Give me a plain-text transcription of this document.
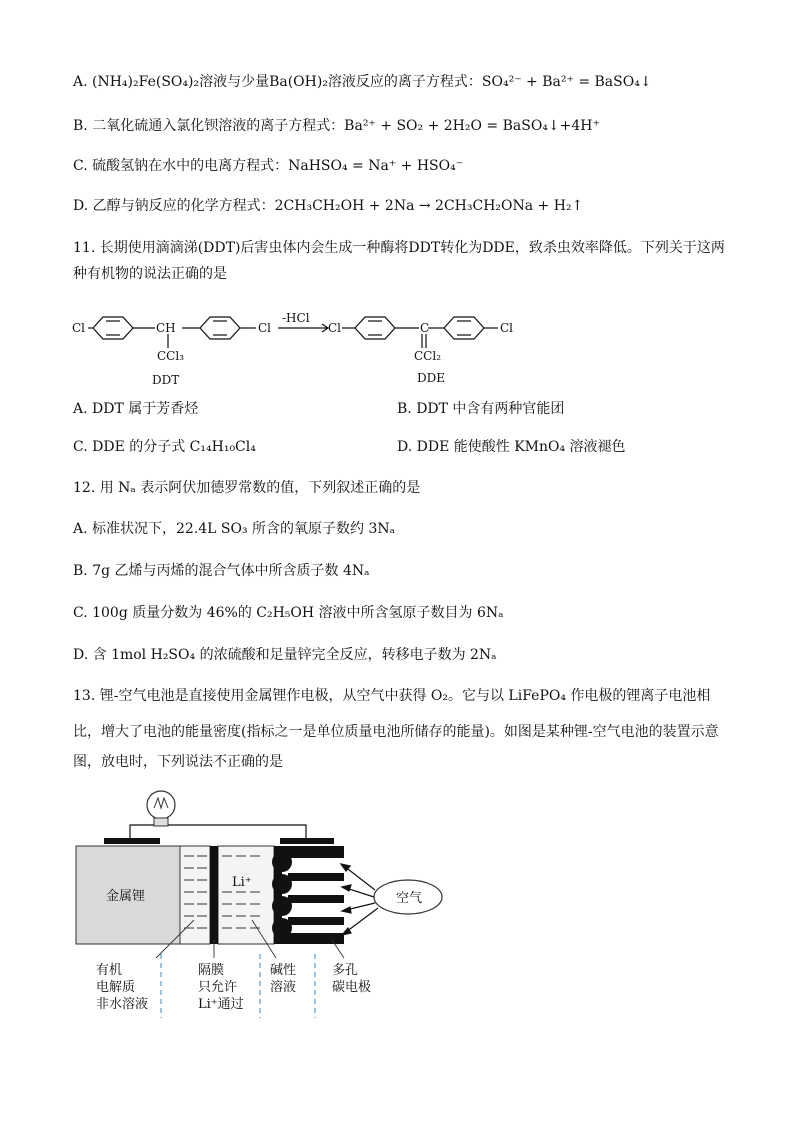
A. (NH₄)₂Fe(SO₄)₂溶液与少量Ba(OH)₂溶液反应的离子方程式：SO₄²⁻ + Ba²⁺ = BaSO₄↓
B. 二氧化硫通入氯化钡溶液的离子方程式：Ba²⁺ + SO₂ + 2H₂O = BaSO₄↓+4H⁺
C. 硫酸氢钠在水中的电离方程式：NaHSO₄ = Na⁺ + HSO₄⁻
D. 乙醇与钠反应的化学方程式：2CH₃CH₂OH + 2Na → 2CH₃CH₂ONa + H₂↑
11. 长期使用滴滴涕(DDT)后害虫体内会生成一种酶将DDT转化为DDE，致杀虫效率降低。下列关于这两
种有机物的说法正确的是
Cl	CH	Cl
CCl₃
DDT
-HCl
Cl	C	Cl
CCl₂
DDE
A. DDT 属于芳香烃	B. DDT 中含有两种官能团
C. DDE 的分子式 C₁₄H₁₀Cl₄	D. DDE 能使酸性 KMnO₄ 溶液褪色
12. 用 Nₐ 表示阿伏加德罗常数的值，下列叙述正确的是
A. 标准状况下，22.4L SO₃ 所含的氧原子数约 3Nₐ
B. 7g 乙烯与丙烯的混合气体中所含质子数 4Nₐ
C. 100g 质量分数为 46%的 C₂H₅OH 溶液中所含氢原子数目为 6Nₐ
D. 含 1mol H₂SO₄ 的浓硫酸和足量锌完全反应，转移电子数为 2Nₐ
13. 锂-空气电池是直接使用金属锂作电极，从空气中获得 O₂。它与以 LiFePO₄ 作电极的锂离子电池相
比，增大了电池的能量密度(指标之一是单位质量电池所储存的能量)。如图是某种锂-空气电池的装置示意
图，放电时，下列说法不正确的是
金属锂
Li⁺
空气
有机
电解质
非水溶液
隔膜
只允许
Li⁺通过
碱性
溶液
多孔
碳电极
